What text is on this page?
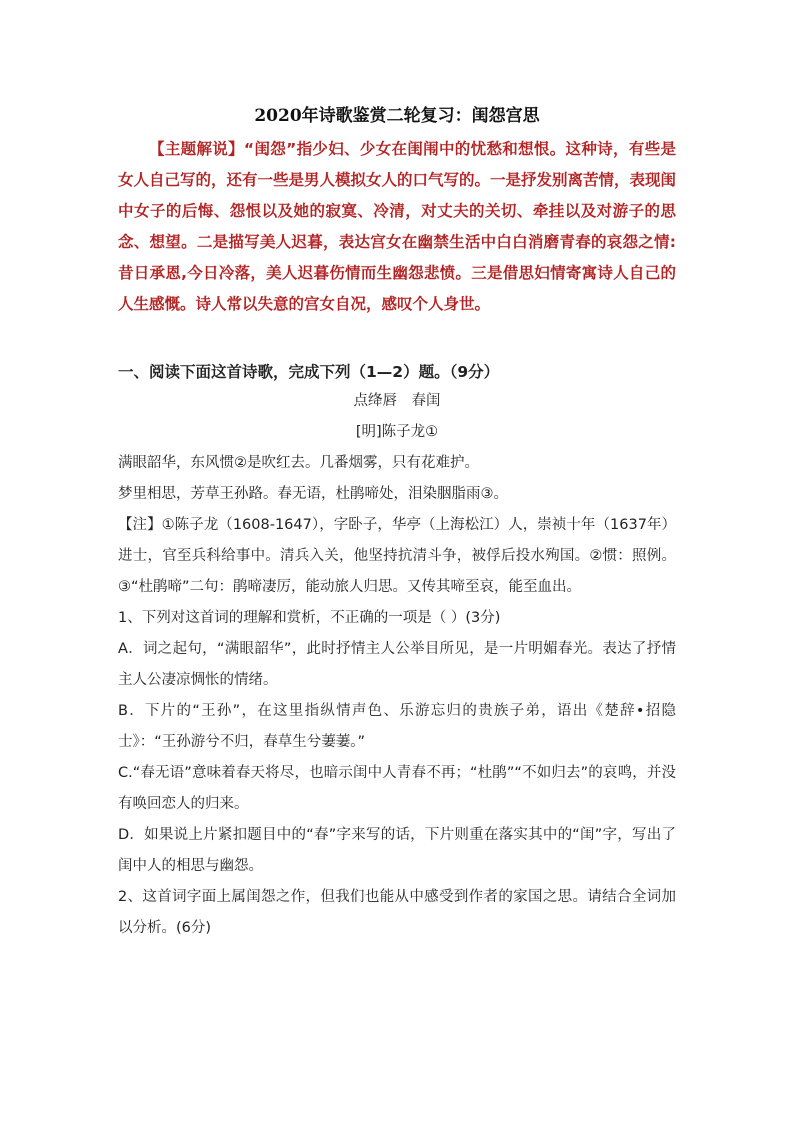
2020年诗歌鉴赏二轮复习：闺怨宫思

【主题解说】“闺怨”指少妇、少女在闺闱中的忧愁和想恨。这种诗，有些是女人自己写的，还有一些是男人模拟女人的口气写的。一是抒发别离苦情，表现闺中女子的后悔、怨恨以及她的寂寞、冷清，对丈夫的关切、牵挂以及对游子的思念、想望。二是描写美人迟暮，表达宫女在幽禁生活中白白消磨青春的哀怨之情:昔日承恩,今日冷落，美人迟暮伤情而生幽怨悲愤。三是借思妇情寄寓诗人自己的人生感慨。诗人常以失意的宫女自况，感叹个人身世。

一、阅读下面这首诗歌，完成下列（1—2）题。（9分）

点绛唇　春闺

[明]陈子龙①

满眼韶华，东风惯②是吹红去。几番烟雾，只有花难护。

梦里相思，芳草王孙路。春无语，杜鹃啼处，泪染胭脂雨③。

【注】①陈子龙（1608-1647），字卧子，华亭（上海松江）人，崇祯十年（1637年）进士，官至兵科给事中。清兵入关，他坚持抗清斗争，被俘后投水殉国。②惯：照例。③“杜鹃啼”二句：鹃啼凄厉，能动旅人归思。又传其啼至哀，能至血出。

1、下列对这首词的理解和赏析，不正确的一项是（ ）(3分)

A．词之起句，“满眼韶华”，此时抒情主人公举目所见，是一片明媚春光。表达了抒情主人公凄凉惆怅的情绪。

B．下片的“王孙”，在这里指纵情声色、乐游忘归的贵族子弟，语出《楚辞•招隐士》：“王孙游兮不归，春草生兮萋萋。”

C.“春无语”意味着春天将尽，也暗示闺中人青春不再；“杜鹃”“不如归去”的哀鸣，并没有唤回恋人的归来。

D．如果说上片紧扣题目中的“春”字来写的话，下片则重在落实其中的“闺”字，写出了闺中人的相思与幽怨。

2、这首词字面上属闺怨之作，但我们也能从中感受到作者的家国之思。请结合全词加以分析。(6分)
